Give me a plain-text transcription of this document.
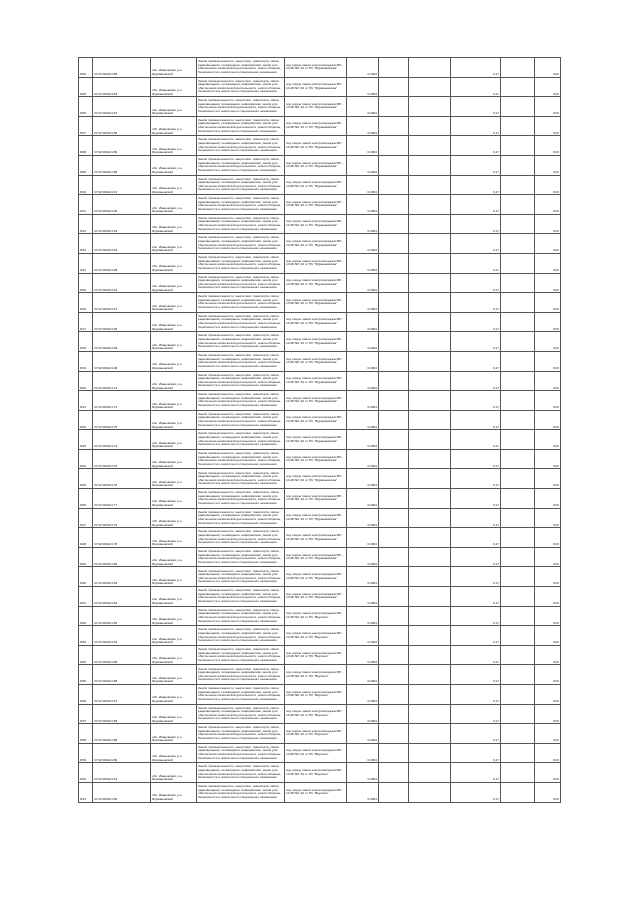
8/04	37:02:000221:85	обл. Ивановская, р-н Фурмановский	Земли промышленности, энергетики, транспорта, связи, радиовещания, телевидения, информатики, земли для обеспечения космической деятельности, земли обороны, безопасности и земли иного специального назначения	под опоры линии электропередачи ВЛ - 10 кВ №7-10 от ПС "Фурмановская"	0,0004			0,17		0,06
8/05	37:02:000221:84	обл. Ивановская, р-н Фурмановский	Земли промышленности, энергетики, транспорта, связи, радиовещания, телевидения, информатики, земли для обеспечения космической деятельности, земли обороны, безопасности и земли иного специального назначения	под опоры линии электропередачи ВЛ - 10 кВ №7-10 от ПС "Фурмановская"	0,0004			0,17		0,06
8/06	37:02:000221:87	обл. Ивановская, р-н Фурмановский	Земли промышленности, энергетики, транспорта, связи, радиовещания, телевидения, информатики, земли для обеспечения космической деятельности, земли обороны, безопасности и земли иного специального назначения	под опоры линии электропередачи ВЛ - 10 кВ №7-10 от ПС "Фурмановская"	0,0004			0,17		0,06
8/07	37:02:000221:86	обл. Ивановская, р-н Фурмановский	Земли промышленности, энергетики, транспорта, связи, радиовещания, телевидения, информатики, земли для обеспечения космической деятельности, земли обороны, безопасности и земли иного специального назначения	под опоры линии электропередачи ВЛ - 10 кВ №7-10 от ПС "Фурмановская"	0,0004			0,17		0,06
8/08	37:02:000221:89	обл. Ивановская, р-н Фурмановский	Земли промышленности, энергетики, транспорта, связи, радиовещания, телевидения, информатики, земли для обеспечения космической деятельности, земли обороны, безопасности и земли иного специального назначения	под опоры линии электропередачи ВЛ - 10 кВ №7-10 от ПС "Фурмановская"	0,0004			0,17		0,06
8/09	37:02:000221:88	обл. Ивановская, р-н Фурмановский	Земли промышленности, энергетики, транспорта, связи, радиовещания, телевидения, информатики, земли для обеспечения космической деятельности, земли обороны, безопасности и земли иного специального назначения	под опоры линии электропередачи ВЛ - 10 кВ №7-10 от ПС "Фурмановская"	0,0004			0,17		0,06
8/10	37:02:000221:91	обл. Ивановская, р-н Фурмановский	Земли промышленности, энергетики, транспорта, связи, радиовещания, телевидения, информатики, земли для обеспечения космической деятельности, земли обороны, безопасности и земли иного специального назначения	под опоры линии электропередачи ВЛ - 10 кВ №7-10 от ПС "Фурмановская"	0,0004			0,17		0,06
8/11	37:02:000221:90	обл. Ивановская, р-н Фурмановский	Земли промышленности, энергетики, транспорта, связи, радиовещания, телевидения, информатики, земли для обеспечения космической деятельности, земли обороны, безопасности и земли иного специального назначения	под опоры линии электропередачи ВЛ - 10 кВ №7-10 от ПС "Фурмановская"	0,0004			0,17		0,06
8/12	37:02:000221:93	обл. Ивановская, р-н Фурмановский	Земли промышленности, энергетики, транспорта, связи, радиовещания, телевидения, информатики, земли для обеспечения космической деятельности, земли обороны, безопасности и земли иного специального назначения	под опоры линии электропередачи ВЛ - 10 кВ №7-10 от ПС "Фурмановская"	0,0004			0,17		0,06
8/13	37:02:000221:92	обл. Ивановская, р-н Фурмановский	Земли промышленности, энергетики, транспорта, связи, радиовещания, телевидения, информатики, земли для обеспечения космической деятельности, земли обороны, безопасности и земли иного специального назначения	под опоры линии электропередачи ВЛ - 10 кВ №7-10 от ПС "Фурмановская"	0,0004			0,17		0,06
8/14	37:02:000221:95	обл. Ивановская, р-н Фурмановский	Земли промышленности, энергетики, транспорта, связи, радиовещания, телевидения, информатики, земли для обеспечения космической деятельности, земли обороны, безопасности и земли иного специального назначения	под опоры линии электропередачи ВЛ - 10 кВ №7-10 от ПС "Фурмановская"	0,0004			0,17		0,06
8/15	37:02:000221:94	обл. Ивановская, р-н Фурмановский	Земли промышленности, энергетики, транспорта, связи, радиовещания, телевидения, информатики, земли для обеспечения космической деятельности, земли обороны, безопасности и земли иного специального назначения	под опоры линии электропередачи ВЛ - 10 кВ №7-10 от ПС "Фурмановская"	0,0004			0,17		0,06
8/16	37:02:000221:97	обл. Ивановская, р-н Фурмановский	Земли промышленности, энергетики, транспорта, связи, радиовещания, телевидения, информатики, земли для обеспечения космической деятельности, земли обороны, безопасности и земли иного специального назначения	под опоры линии электропередачи ВЛ - 10 кВ №7-10 от ПС "Фурмановская"	0,0004			0,17		0,06
8/17	37:02:000221:96	обл. Ивановская, р-н Фурмановский	Земли промышленности, энергетики, транспорта, связи, радиовещания, телевидения, информатики, земли для обеспечения космической деятельности, земли обороны, безопасности и земли иного специального назначения	под опоры линии электропередачи ВЛ - 10 кВ №7-10 от ПС "Фурмановская"	0,0004			0,17		0,06
8/18	37:02:000221:99	обл. Ивановская, р-н Фурмановский	Земли промышленности, энергетики, транспорта, связи, радиовещания, телевидения, информатики, земли для обеспечения космической деятельности, земли обороны, безопасности и земли иного специального назначения	под опоры линии электропередачи ВЛ - 10 кВ №7-10 от ПС "Фурмановская"	0,0004			0,17		0,06
8/19	37:02:000221:98	обл. Ивановская, р-н Фурмановский	Земли промышленности, энергетики, транспорта, связи, радиовещания, телевидения, информатики, земли для обеспечения космической деятельности, земли обороны, безопасности и земли иного специального назначения	под опоры линии электропередачи ВЛ - 10 кВ №7-10 от ПС "Фурмановская"	0,0004			0,17		0,06
8/20	37:02:000221:73	обл. Ивановская, р-н Фурмановский	Земли промышленности, энергетики, транспорта, связи, радиовещания, телевидения, информатики, земли для обеспечения космической деятельности, земли обороны, безопасности и земли иного специального назначения	под опоры линии электропередачи ВЛ - 10 кВ №7-10 от ПС "Фурмановская"	0,0004			0,17		0,06
8/21	37:02:000221:72	обл. Ивановская, р-н Фурмановский	Земли промышленности, энергетики, транспорта, связи, радиовещания, телевидения, информатики, земли для обеспечения космической деятельности, земли обороны, безопасности и земли иного специального назначения	под опоры линии электропередачи ВЛ - 10 кВ №7-10 от ПС "Фурмановская"	0,0004			0,17		0,06
8/22	37:02:000221:75	обл. Ивановская, р-н Фурмановский	Земли промышленности, энергетики, транспорта, связи, радиовещания, телевидения, информатики, земли для обеспечения космической деятельности, земли обороны, безопасности и земли иного специального назначения	под опоры линии электропередачи ВЛ - 10 кВ №7-10 от ПС "Фурмановская"	0,0004			0,17		0,06
8/23	37:02:000221:74	обл. Ивановская, р-н Фурмановский	Земли промышленности, энергетики, транспорта, связи, радиовещания, телевидения, информатики, земли для обеспечения космической деятельности, земли обороны, безопасности и земли иного специального назначения	под опоры линии электропередачи ВЛ - 10 кВ №7-10 от ПС "Фурмановская"	0,0004			0,17		0,06
8/24	37:02:000221:76	обл. Ивановская, р-н Фурмановский	Земли промышленности, энергетики, транспорта, связи, радиовещания, телевидения, информатики, земли для обеспечения космической деятельности, земли обороны, безопасности и земли иного специального назначения	под опоры линии электропередачи ВЛ - 10 кВ №7-10 от ПС "Фурмановская"	0,0004			0,17		0,06
8/25	37:02:000221:78	обл. Ивановская, р-н Фурмановский	Земли промышленности, энергетики, транспорта, связи, радиовещания, телевидения, информатики, земли для обеспечения космической деятельности, земли обороны, безопасности и земли иного специального назначения	под опоры линии электропередачи ВЛ - 10 кВ №7-10 от ПС "Фурмановская"	0,0004			0,17		0,06
8/26	37:02:000221:77	обл. Ивановская, р-н Фурмановский	Земли промышленности, энергетики, транспорта, связи, радиовещания, телевидения, информатики, земли для обеспечения космической деятельности, земли обороны, безопасности и земли иного специального назначения	под опоры линии электропередачи ВЛ - 10 кВ №7-10 от ПС "Фурмановская"	0,0004			0,17		0,06
8/27	37:02:000221:79	обл. Ивановская, р-н Фурмановский	Земли промышленности, энергетики, транспорта, связи, радиовещания, телевидения, информатики, земли для обеспечения космической деятельности, земли обороны, безопасности и земли иного специального назначения	под опоры линии электропередачи ВЛ - 10 кВ №7-10 от ПС "Фурмановская"	0,0004			0,17		0,06
8/28	37:02:000221:78	обл. Ивановская, р-н Фурмановский	Земли промышленности, энергетики, транспорта, связи, радиовещания, телевидения, информатики, земли для обеспечения космической деятельности, земли обороны, безопасности и земли иного специального назначения	под опоры линии электропередачи ВЛ - 10 кВ №7-10 от ПС "Фурмановская"	0,0004			0,17		0,06
8/29	37:02:000221:80	обл. Ивановская, р-н Фурмановский	Земли промышленности, энергетики, транспорта, связи, радиовещания, телевидения, информатики, земли для обеспечения космической деятельности, земли обороны, безопасности и земли иного специального назначения	под опоры линии электропередачи ВЛ - 10 кВ №7-10 от ПС "Фурмановская"	0,0004			0,17		0,06
8/30	37:02:000221:83	обл. Ивановская, р-н Фурмановский	Земли промышленности, энергетики, транспорта, связи, радиовещания, телевидения, информатики, земли для обеспечения космической деятельности, земли обороны, безопасности и земли иного специального назначения	под опоры линии электропередачи ВЛ - 10 кВ №7-10 от ПС "Фурмановская"	0,0004			0,17		0,06
8/31	37:02:000221:82	обл. Ивановская, р-н Фурмановский	Земли промышленности, энергетики, транспорта, связи, радиовещания, телевидения, информатики, земли для обеспечения космической деятельности, земли обороны, безопасности и земли иного специального назначения	под опоры линии электропередачи ВЛ - 10 кВ №7-10 от ПС "Фурмановская"	0,0004			0,17		0,06
8/32	37:02:000221:85	обл. Ивановская, р-н Фурмановский	Земли промышленности, энергетики, транспорта, связи, радиовещания, телевидения, информатики, земли для обеспечения космической деятельности, земли обороны, безопасности и земли иного специального назначения	под опоры линии электропередачи ВЛ - 10 кВ №7-10 от ПС "Ваулино"	0,0004			0,17		0,06
8/33	37:02:000221:84	обл. Ивановская, р-н Фурмановский	Земли промышленности, энергетики, транспорта, связи, радиовещания, телевидения, информатики, земли для обеспечения космической деятельности, земли обороны, безопасности и земли иного специального назначения	под опоры линии электропередачи ВЛ - 10 кВ №7-10 от ПС "Ваулино"	0,0004			0,17		0,06
8/34	37:02:000221:86	обл. Ивановская, р-н Фурмановский	Земли промышленности, энергетики, транспорта, связи, радиовещания, телевидения, информатики, земли для обеспечения космической деятельности, земли обороны, безопасности и земли иного специального назначения	под опоры линии электропередачи ВЛ - 10 кВ №7-10 от ПС "Ваулино"	0,0004			0,17		0,06
8/35	37:02:000221:88	обл. Ивановская, р-н Фурмановский	Земли промышленности, энергетики, транспорта, связи, радиовещания, телевидения, информатики, земли для обеспечения космической деятельности, земли обороны, безопасности и земли иного специального назначения	под опоры линии электропередачи ВЛ - 10 кВ №7-10 от ПС "Ваулино"	0,0004			0,17		0,06
8/36	37:02:000221:87	обл. Ивановская, р-н Фурмановский	Земли промышленности, энергетики, транспорта, связи, радиовещания, телевидения, информатики, земли для обеспечения космической деятельности, земли обороны, безопасности и земли иного специального назначения	под опоры линии электропередачи ВЛ - 10 кВ №7-10 от ПС "Ваулино"	0,0004			0,17		0,06
8/37	37:02:000221:89	обл. Ивановская, р-н Фурмановский	Земли промышленности, энергетики, транспорта, связи, радиовещания, телевидения, информатики, земли для обеспечения космической деятельности, земли обороны, безопасности и земли иного специального назначения	под опоры линии электропередачи ВЛ - 10 кВ №7-10 от ПС "Ваулино"	0,0004			0,17		0,06
8/38	37:02:000221:88	обл. Ивановская, р-н Фурмановский	Земли промышленности, энергетики, транспорта, связи, радиовещания, телевидения, информатики, земли для обеспечения космической деятельности, земли обороны, безопасности и земли иного специального назначения	под опоры линии электропередачи ВЛ - 10 кВ №7-10 от ПС "Ваулино"	0,0004			0,17		0,06
8/39	37:02:000221:89	обл. Ивановская, р-н Фурмановский	Земли промышленности, энергетики, транспорта, связи, радиовещания, телевидения, информатики, земли для обеспечения космической деятельности, земли обороны, безопасности и земли иного специального назначения	под опоры линии электропередачи ВЛ - 10 кВ №7-10 от ПС "Ваулино"	0,0004			0,17		0,06
8/40	37:02:000221:91	обл. Ивановская, р-н Фурмановский	Земли промышленности, энергетики, транспорта, связи, радиовещания, телевидения, информатики, земли для обеспечения космической деятельности, земли обороны, безопасности и земли иного специального назначения	под опоры линии электропередачи ВЛ - 10 кВ №7-10 от ПС "Ваулино"	0,0004			0,17		0,06
8/41	37:02:000221:90	обл. Ивановская, р-н Фурмановский	Земли промышленности, энергетики, транспорта, связи, радиовещания, телевидения, информатики, земли для обеспечения космической деятельности, земли обороны, безопасности и земли иного специального назначения	под опоры линии электропередачи ВЛ - 10 кВ №7-10 от ПС "Ваулино"	0,0004			0,17		0,06
